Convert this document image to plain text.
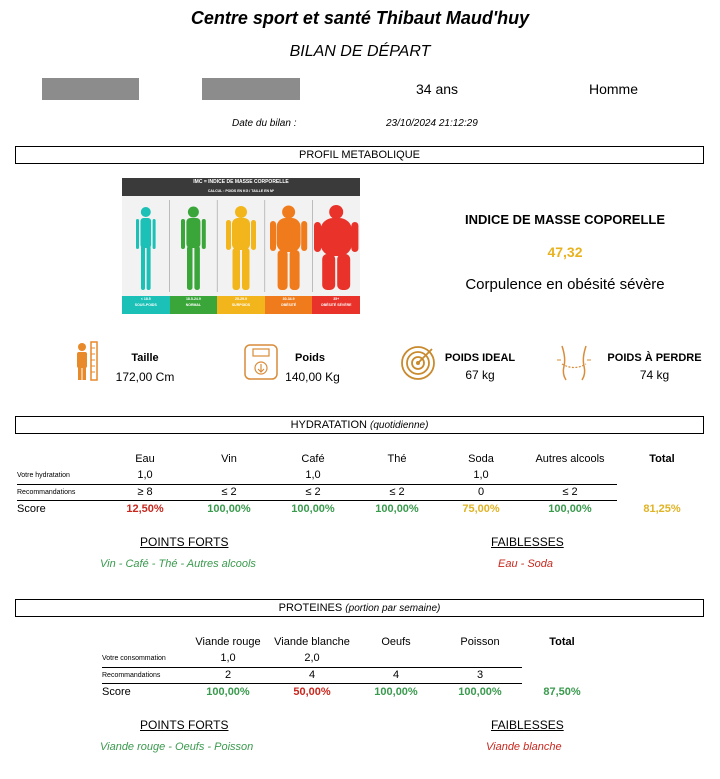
Centre sport et santé Thibaut Maud'huy
BILAN DE DÉPART
34 ans	Homme
Date du bilan :	23/10/2024 21:12:29
PROFIL METABOLIQUE
IMC = INDICE DE MASSE CORPORELLE
CALCUL : POIDS EN KG / TAILLE EN M²
< 18.5
SOUS-POIDS
18.5-24.9
NORMAL
25-29.9
SURPOIDS
30-34.9
OBÉSITÉ
35+
OBÉSITÉ SÉVÈRE
INDICE DE MASSE COPORELLE
47,32
Corpulence en obésité sévère
Taille
172,00 Cm
Poids
140,00 Kg
POIDS IDEAL
67 kg
POIDS À PERDRE
74 kg
HYDRATATION (quotidienne)
	Eau	Vin	Café	Thé	Soda	Autres alcools	Total
Votre hydratation	1,0		1,0		1,0		
Recommandations	≥ 8	≤ 2	≤ 2	≤ 2	0	≤ 2	
Score	12,50%	100,00%	100,00%	100,00%	75,00%	100,00%	81,25%
POINTS FORTS
Vin - Café - Thé - Autres alcools
FAIBLESSES
Eau - Soda
PROTEINES (portion par semaine)
	Viande rouge	Viande blanche	Oeufs	Poisson	Total
Votre consommation	1,0	2,0			
Recommandations	2	4	4	3	
Score	100,00%	50,00%	100,00%	100,00%	87,50%
POINTS FORTS
Viande rouge - Oeufs - Poisson
FAIBLESSES
Viande blanche
